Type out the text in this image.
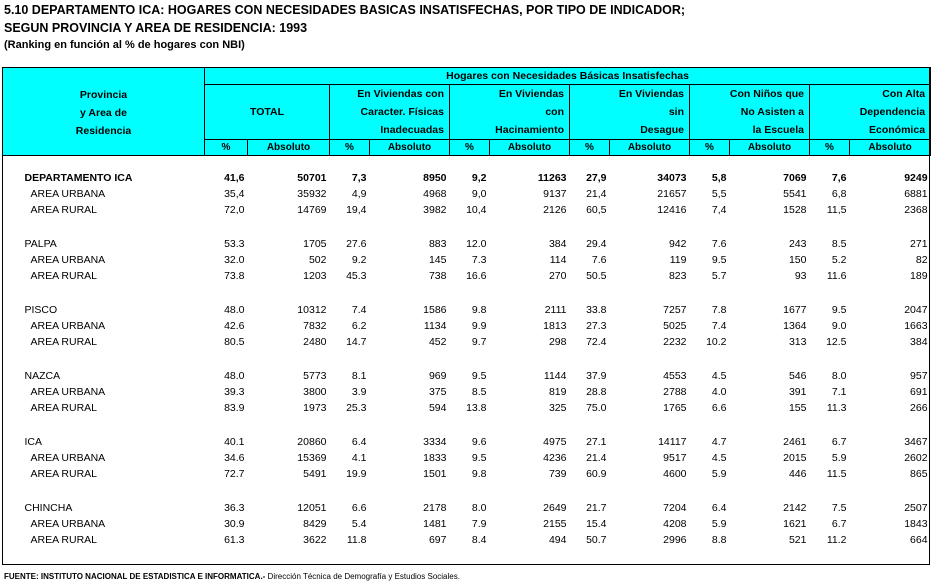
5.10 DEPARTAMENTO ICA: HOGARES CON NECESIDADES BASICAS INSATISFECHAS, POR TIPO DE INDICADOR;
SEGUN PROVINCIA Y AREA DE RESIDENCIA: 1993
(Ranking en función al % de hogares con NBI)
Provincia
y Area de
Residencia	Hogares con Necesidades Básicas Insatisfechas											

	TOTAL		En Viviendas con
Caracter. Físicas
Inadecuadas		En Viviendas
con
Hacinamiento		En Viviendas
sin
Desague		Con Niños que
No Asisten a
la Escuela		Con Alta
Dependencia
Económica	

	%	Absoluto	%	Absoluto	%	Absoluto	%	Absoluto	%	Absoluto	%	Absoluto

DEPARTAMENTO ICA	41,6	50701	7,3	8950	9,2	11263	27,9	34073	5,8	7069	7,6	9249
AREA URBANA	35,4	35932	4,9	4968	9,0	9137	21,4	21657	5,5	5541	6,8	6881
AREA RURAL	72,0	14769	19,4	3982	10,4	2126	60,5	12416	7,4	1528	11,5	2368

PALPA	53.3	1705	27.6	883	12.0	384	29.4	942	7.6	243	8.5	271
AREA URBANA	32.0	502	9.2	145	7.3	114	7.6	119	9.5	150	5.2	82
AREA RURAL	73.8	1203	45.3	738	16.6	270	50.5	823	5.7	93	11.6	189

PISCO	48.0	10312	7.4	1586	9.8	2111	33.8	7257	7.8	1677	9.5	2047
AREA URBANA	42.6	7832	6.2	1134	9.9	1813	27.3	5025	7.4	1364	9.0	1663
AREA RURAL	80.5	2480	14.7	452	9.7	298	72.4	2232	10.2	313	12.5	384

NAZCA	48.0	5773	8.1	969	9.5	1144	37.9	4553	4.5	546	8.0	957
AREA URBANA	39.3	3800	3.9	375	8.5	819	28.8	2788	4.0	391	7.1	691
AREA RURAL	83.9	1973	25.3	594	13.8	325	75.0	1765	6.6	155	11.3	266

ICA	40.1	20860	6.4	3334	9.6	4975	27.1	14117	4.7	2461	6.7	3467
AREA URBANA	34.6	15369	4.1	1833	9.5	4236	21.4	9517	4.5	2015	5.9	2602
AREA RURAL	72.7	5491	19.9	1501	9.8	739	60.9	4600	5.9	446	11.5	865

CHINCHA	36.3	12051	6.6	2178	8.0	2649	21.7	7204	6.4	2142	7.5	2507
AREA URBANA	30.9	8429	5.4	1481	7.9	2155	15.4	4208	5.9	1621	6.7	1843
AREA RURAL	61.3	3622	11.8	697	8.4	494	50.7	2996	8.8	521	11.2	664
FUENTE: INSTITUTO NACIONAL DE ESTADISTICA E INFORMATICA.- Dirección Técnica de Demografía y Estudios Sociales.
